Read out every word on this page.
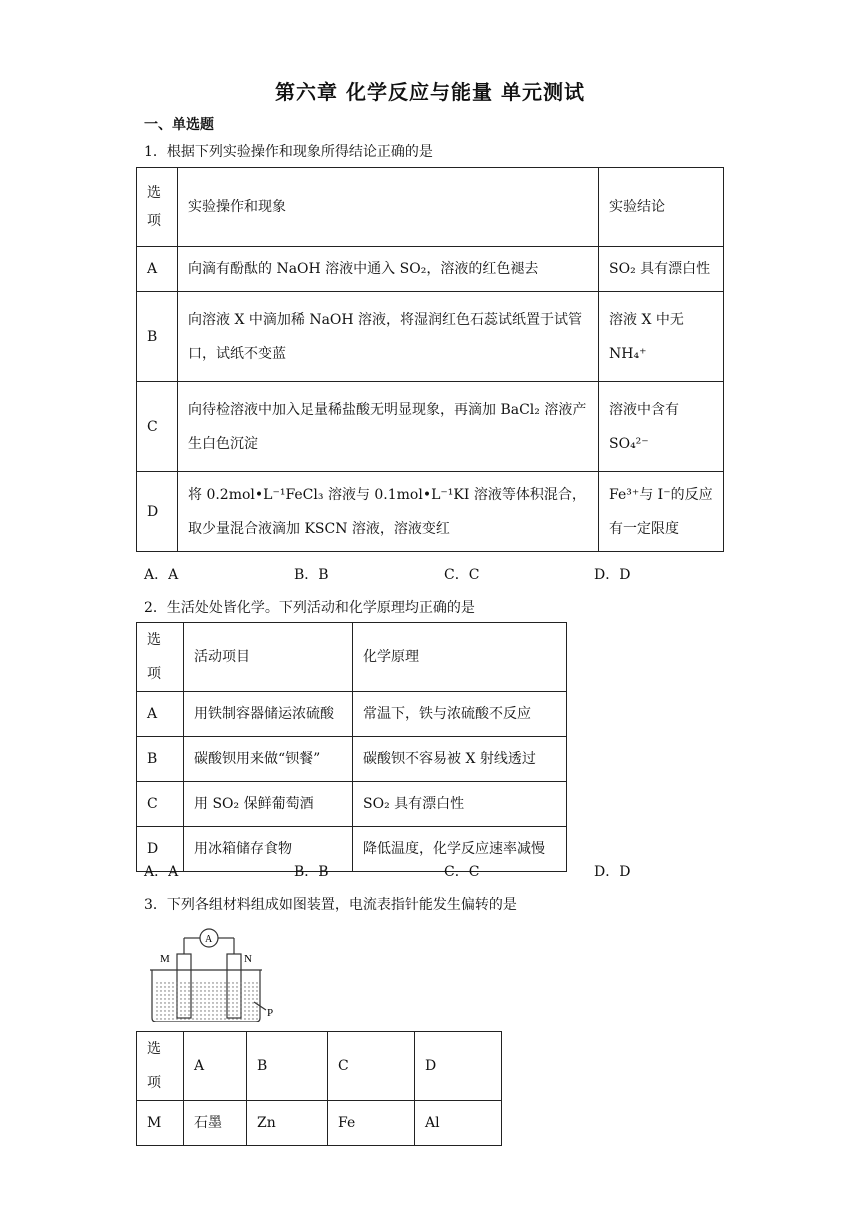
第六章 化学反应与能量 单元测试
一、单选题
1．根据下列实验操作和现象所得结论正确的是
选项	实验操作和现象	实验结论
A	向滴有酚酞的 NaOH 溶液中通入 SO₂，溶液的红色褪去	SO₂ 具有漂白性
B	向溶液 X 中滴加稀 NaOH 溶液，将湿润红色石蕊试纸置于试管口，试纸不变蓝	溶液 X 中无 NH₄⁺
C	向待检溶液中加入足量稀盐酸无明显现象，再滴加 BaCl₂ 溶液产生白色沉淀	溶液中含有 SO₄²⁻
D	将 0.2mol•L⁻¹FeCl₃ 溶液与 0.1mol•L⁻¹KI 溶液等体积混合，取少量混合液滴加 KSCN 溶液，溶液变红	Fe³⁺与 I⁻的反应有一定限度
A．A	B．B	C．C	D．D
2．生活处处皆化学。下列活动和化学原理均正确的是
选项	活动项目	化学原理
A	用铁制容器储运浓硫酸	常温下，铁与浓硫酸不反应
B	碳酸钡用来做“钡餐”	碳酸钡不容易被 X 射线透过
C	用 SO₂ 保鲜葡萄酒	SO₂ 具有漂白性
D	用冰箱储存食物	降低温度，化学反应速率减慢
A．A	B．B	C．C	D．D
3．下列各组材料组成如图装置，电流表指针能发生偏转的是
A
M	N
P
选项	A	B	C	D
M	石墨	Zn	Fe	Al
